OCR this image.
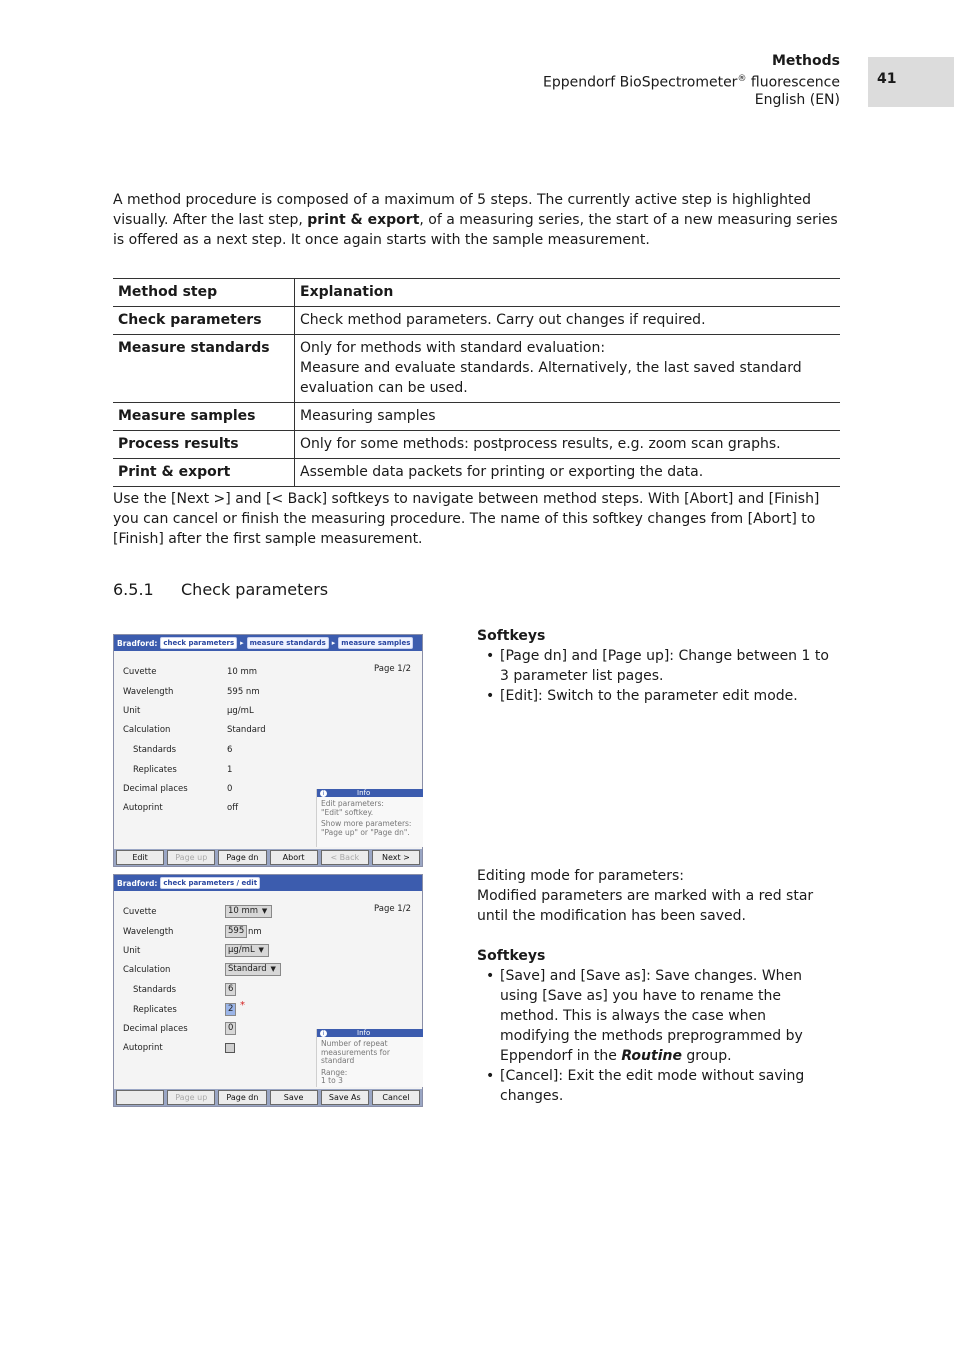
Methods
Eppendorf BioSpectrometer® fluorescence
English (EN)
41
A method procedure is composed of a maximum of 5 steps. The currently active step is highlighted visually. After the last step, print & export, of a measuring series, the start of a new measuring series is offered as a next step. It once again starts with the sample measurement.
Method step	Explanation
Check parameters	Check method parameters. Carry out changes if required.
Measure standards	Only for methods with standard evaluation:
Measure and evaluate standards. Alternatively, the last saved standard evaluation can be used.
Measure samples	Measuring samples
Process results	Only for some methods: postprocess results, e.g. zoom scan graphs.
Print & export	Assemble data packets for printing or exporting the data.
Use the [Next >] and [< Back] softkeys to navigate between method steps. With [Abort] and [Finish] you can cancel or finish the measuring procedure. The name of this softkey changes from [Abort] to [Finish] after the first sample measurement.
6.5.1 Check parameters
Bradford: check parameters ▸ measure standards ▸ measure samples
Page 1/2
Cuvette	10 mm
Wavelength	595 nm
Unit	µg/mL
Calculation	Standard
Standards	6
Replicates	1
Decimal places	0
Autoprint	off
i	Info

Edit parameters:
"Edit" softkey.

Show more parameters:
"Page up" or "Page dn".

Edit	Page up	Page dn	Abort	< Back	Next >
Bradford: check parameters / edit
Page 1/2
Cuvette	10 mm ▼
Wavelength	595 nm
Unit	µg/mL ▼
Calculation	Standard ▼
Standards	6
Replicates	2 *
Decimal places	0
Autoprint
i	Info

Number of repeat measurements for standard

Range:
1 to 3

Page up	Page dn	Save	Save As	Cancel
Softkeys
• [Page dn] and [Page up]: Change between 1 to 3 parameter list pages.
• [Edit]: Switch to the parameter edit mode.
Editing mode for parameters:
Modified parameters are marked with a red star until the modification has been saved.
Softkeys
• [Save] and [Save as]: Save changes. When using [Save as] you have to rename the method. This is always the case when modifying the methods preprogrammed by Eppendorf in the Routine group.
• [Cancel]: Exit the edit mode without saving changes.
